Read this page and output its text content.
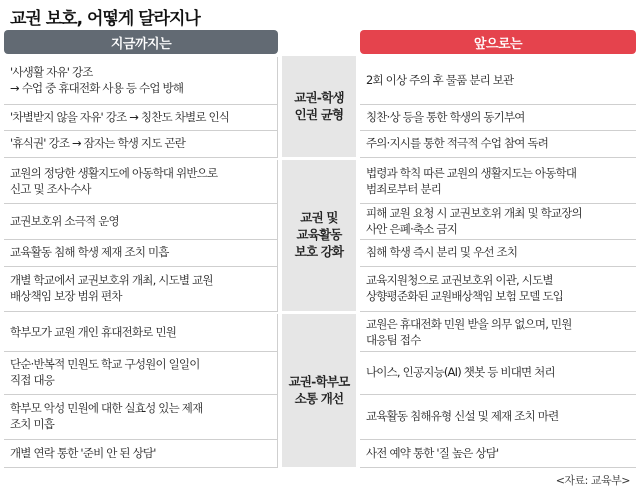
교권 보호, 어떻게 달라지나
지금까지는	앞으로는
교권-학생
인권 균형
교권 및
교육활동
보호 강화
교권-학부모
소통 개선
'사생활 자유' 강조
→ 수업 중 휴대전화 사용 등 수업 방해
'차별받지 않을 자유' 강조 → 칭찬도 차별로 인식
'휴식권' 강조 → 잠자는 학생 지도 곤란
교원의 정당한 생활지도에 아동학대 위반으로
신고 및 조사·수사
교권보호위 소극적 운영
교육활동 침해 학생 제재 조치 미흡
개별 학교에서 교권보호위 개최, 시도별 교원
배상책임 보장 범위 편차
학부모가 교원 개인 휴대전화로 민원
단순·반복적 민원도 학교 구성원이 일일이
직접 대응
학부모 악성 민원에 대한 실효성 있는 제재
조치 미흡
개별 연락 통한 '준비 안 된 상담'
2회 이상 주의 후 물품 분리 보관
칭찬·상 등을 통한 학생의 동기부여
주의·지시를 통한 적극적 수업 참여 독려
법령과 학칙 따른 교원의 생활지도는 아동학대
범죄로부터 분리
피해 교원 요청 시 교권보호위 개최 및 학교장의
사안 은폐·축소 금지
침해 학생 즉시 분리 및 우선 조치
교육지원청으로 교권보호위 이관, 시도별
상향평준화된 교원배상책임 보험 모델 도입
교원은 휴대전화 민원 받을 의무 없으며, 민원
대응팀 접수
나이스, 인공지능(AI) 챗봇 등 비대면 처리
교육활동 침해유형 신설 및 제재 조치 마련
사전 예약 통한 '질 높은 상담'
<자료: 교육부>
